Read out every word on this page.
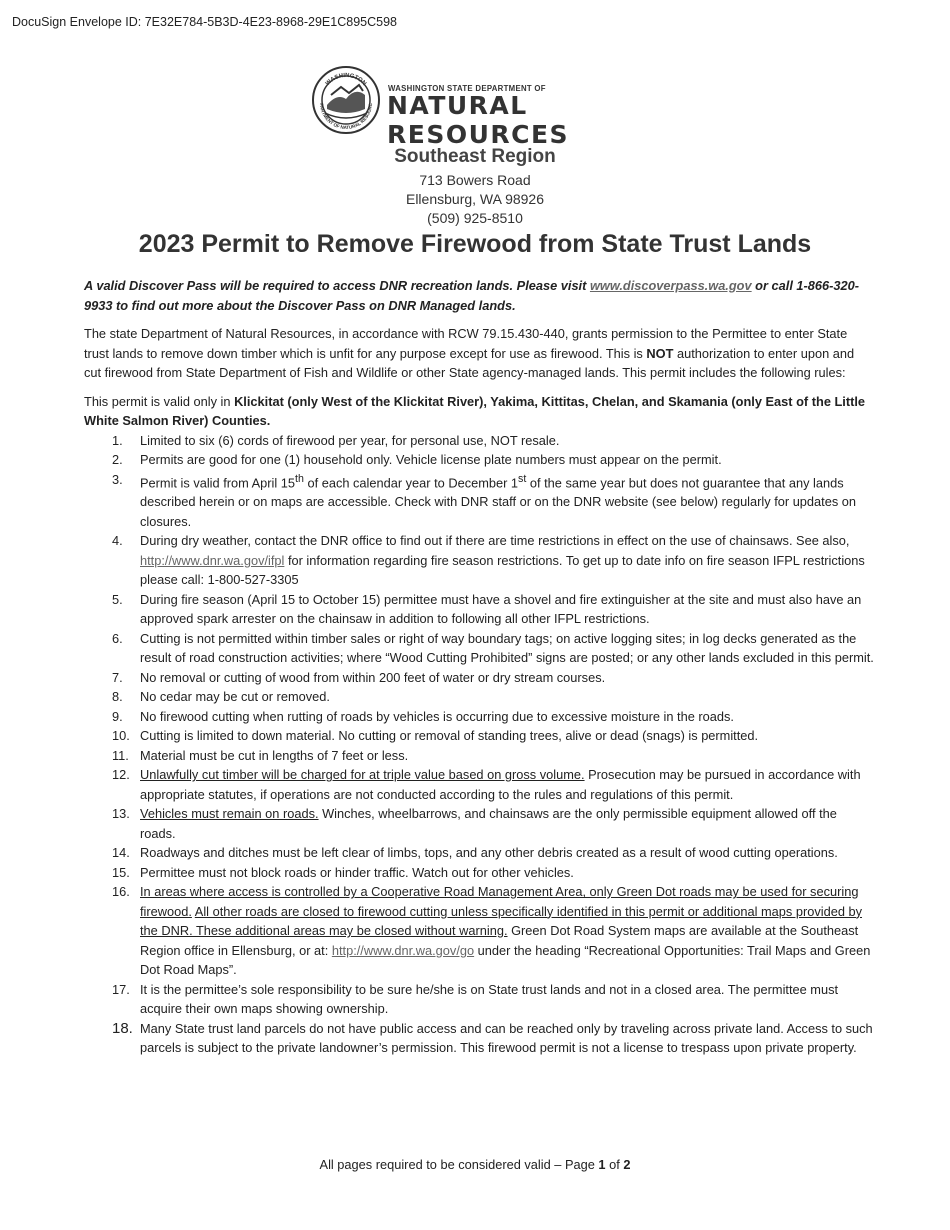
DocuSign Envelope ID: 7E32E784-5B3D-4E23-8968-29E1C895C598
WASHINGTON
PARTMENT OF NATURAL RESOURC
WASHINGTON STATE DEPARTMENT OF
NATURAL RESOURCES
Southeast Region
713 Bowers Road
Ellensburg, WA 98926
(509) 925-8510
2023 Permit to Remove Firewood from State Trust Lands

A valid Discover Pass will be required to access DNR recreation lands. Please visit www.discoverpass.wa.gov or call 1-866-320-9933 to find out more about the Discover Pass on DNR Managed lands.

The state Department of Natural Resources, in accordance with RCW 79.15.430-440, grants permission to the Permittee to enter State trust lands to remove down timber which is unfit for any purpose except for use as firewood. This is NOT authorization to enter upon and cut firewood from State Department of Fish and Wildlife or other State agency-managed lands. This permit includes the following rules:

This permit is valid only in Klickitat (only West of the Klickitat River), Yakima, Kittitas, Chelan, and Skamania (only East of the Little White Salmon River) Counties.

1. Limited to six (6) cords of firewood per year, for personal use, NOT resale.
2. Permits are good for one (1) household only. Vehicle license plate numbers must appear on the permit.
3. Permit is valid from April 15th of each calendar year to December 1st of the same year but does not guarantee that any lands described herein or on maps are accessible. Check with DNR staff or on the DNR website (see below) regularly for updates on closures.
4. During dry weather, contact the DNR office to find out if there are time restrictions in effect on the use of chainsaws. See also, http://www.dnr.wa.gov/ifpl for information regarding fire season restrictions. To get up to date info on fire season IFPL restrictions please call: 1-800-527-3305
5. During fire season (April 15 to October 15) permittee must have a shovel and fire extinguisher at the site and must also have an approved spark arrester on the chainsaw in addition to following all other IFPL restrictions.
6. Cutting is not permitted within timber sales or right of way boundary tags; on active logging sites; in log decks generated as the result of road construction activities; where “Wood Cutting Prohibited” signs are posted; or any other lands excluded in this permit.
7. No removal or cutting of wood from within 200 feet of water or dry stream courses.
8. No cedar may be cut or removed.
9. No firewood cutting when rutting of roads by vehicles is occurring due to excessive moisture in the roads.
10. Cutting is limited to down material. No cutting or removal of standing trees, alive or dead (snags) is permitted.
11. Material must be cut in lengths of 7 feet or less.
12. Unlawfully cut timber will be charged for at triple value based on gross volume. Prosecution may be pursued in accordance with appropriate statutes, if operations are not conducted according to the rules and regulations of this permit.
13. Vehicles must remain on roads. Winches, wheelbarrows, and chainsaws are the only permissible equipment allowed off the roads.
14. Roadways and ditches must be left clear of limbs, tops, and any other debris created as a result of wood cutting operations.
15. Permittee must not block roads or hinder traffic. Watch out for other vehicles.
16. In areas where access is controlled by a Cooperative Road Management Area, only Green Dot roads may be used for securing firewood. All other roads are closed to firewood cutting unless specifically identified in this permit or additional maps provided by the DNR. These additional areas may be closed without warning. Green Dot Road System maps are available at the Southeast Region office in Ellensburg, or at: http://www.dnr.wa.gov/go under the heading “Recreational Opportunities: Trail Maps and Green Dot Road Maps”.
17. It is the permittee’s sole responsibility to be sure he/she is on State trust lands and not in a closed area. The permittee must acquire their own maps showing ownership.
18. Many State trust land parcels do not have public access and can be reached only by traveling across private land. Access to such parcels is subject to the private landowner’s permission. This firewood permit is not a license to trespass upon private property.
All pages required to be considered valid – Page 1 of 2
